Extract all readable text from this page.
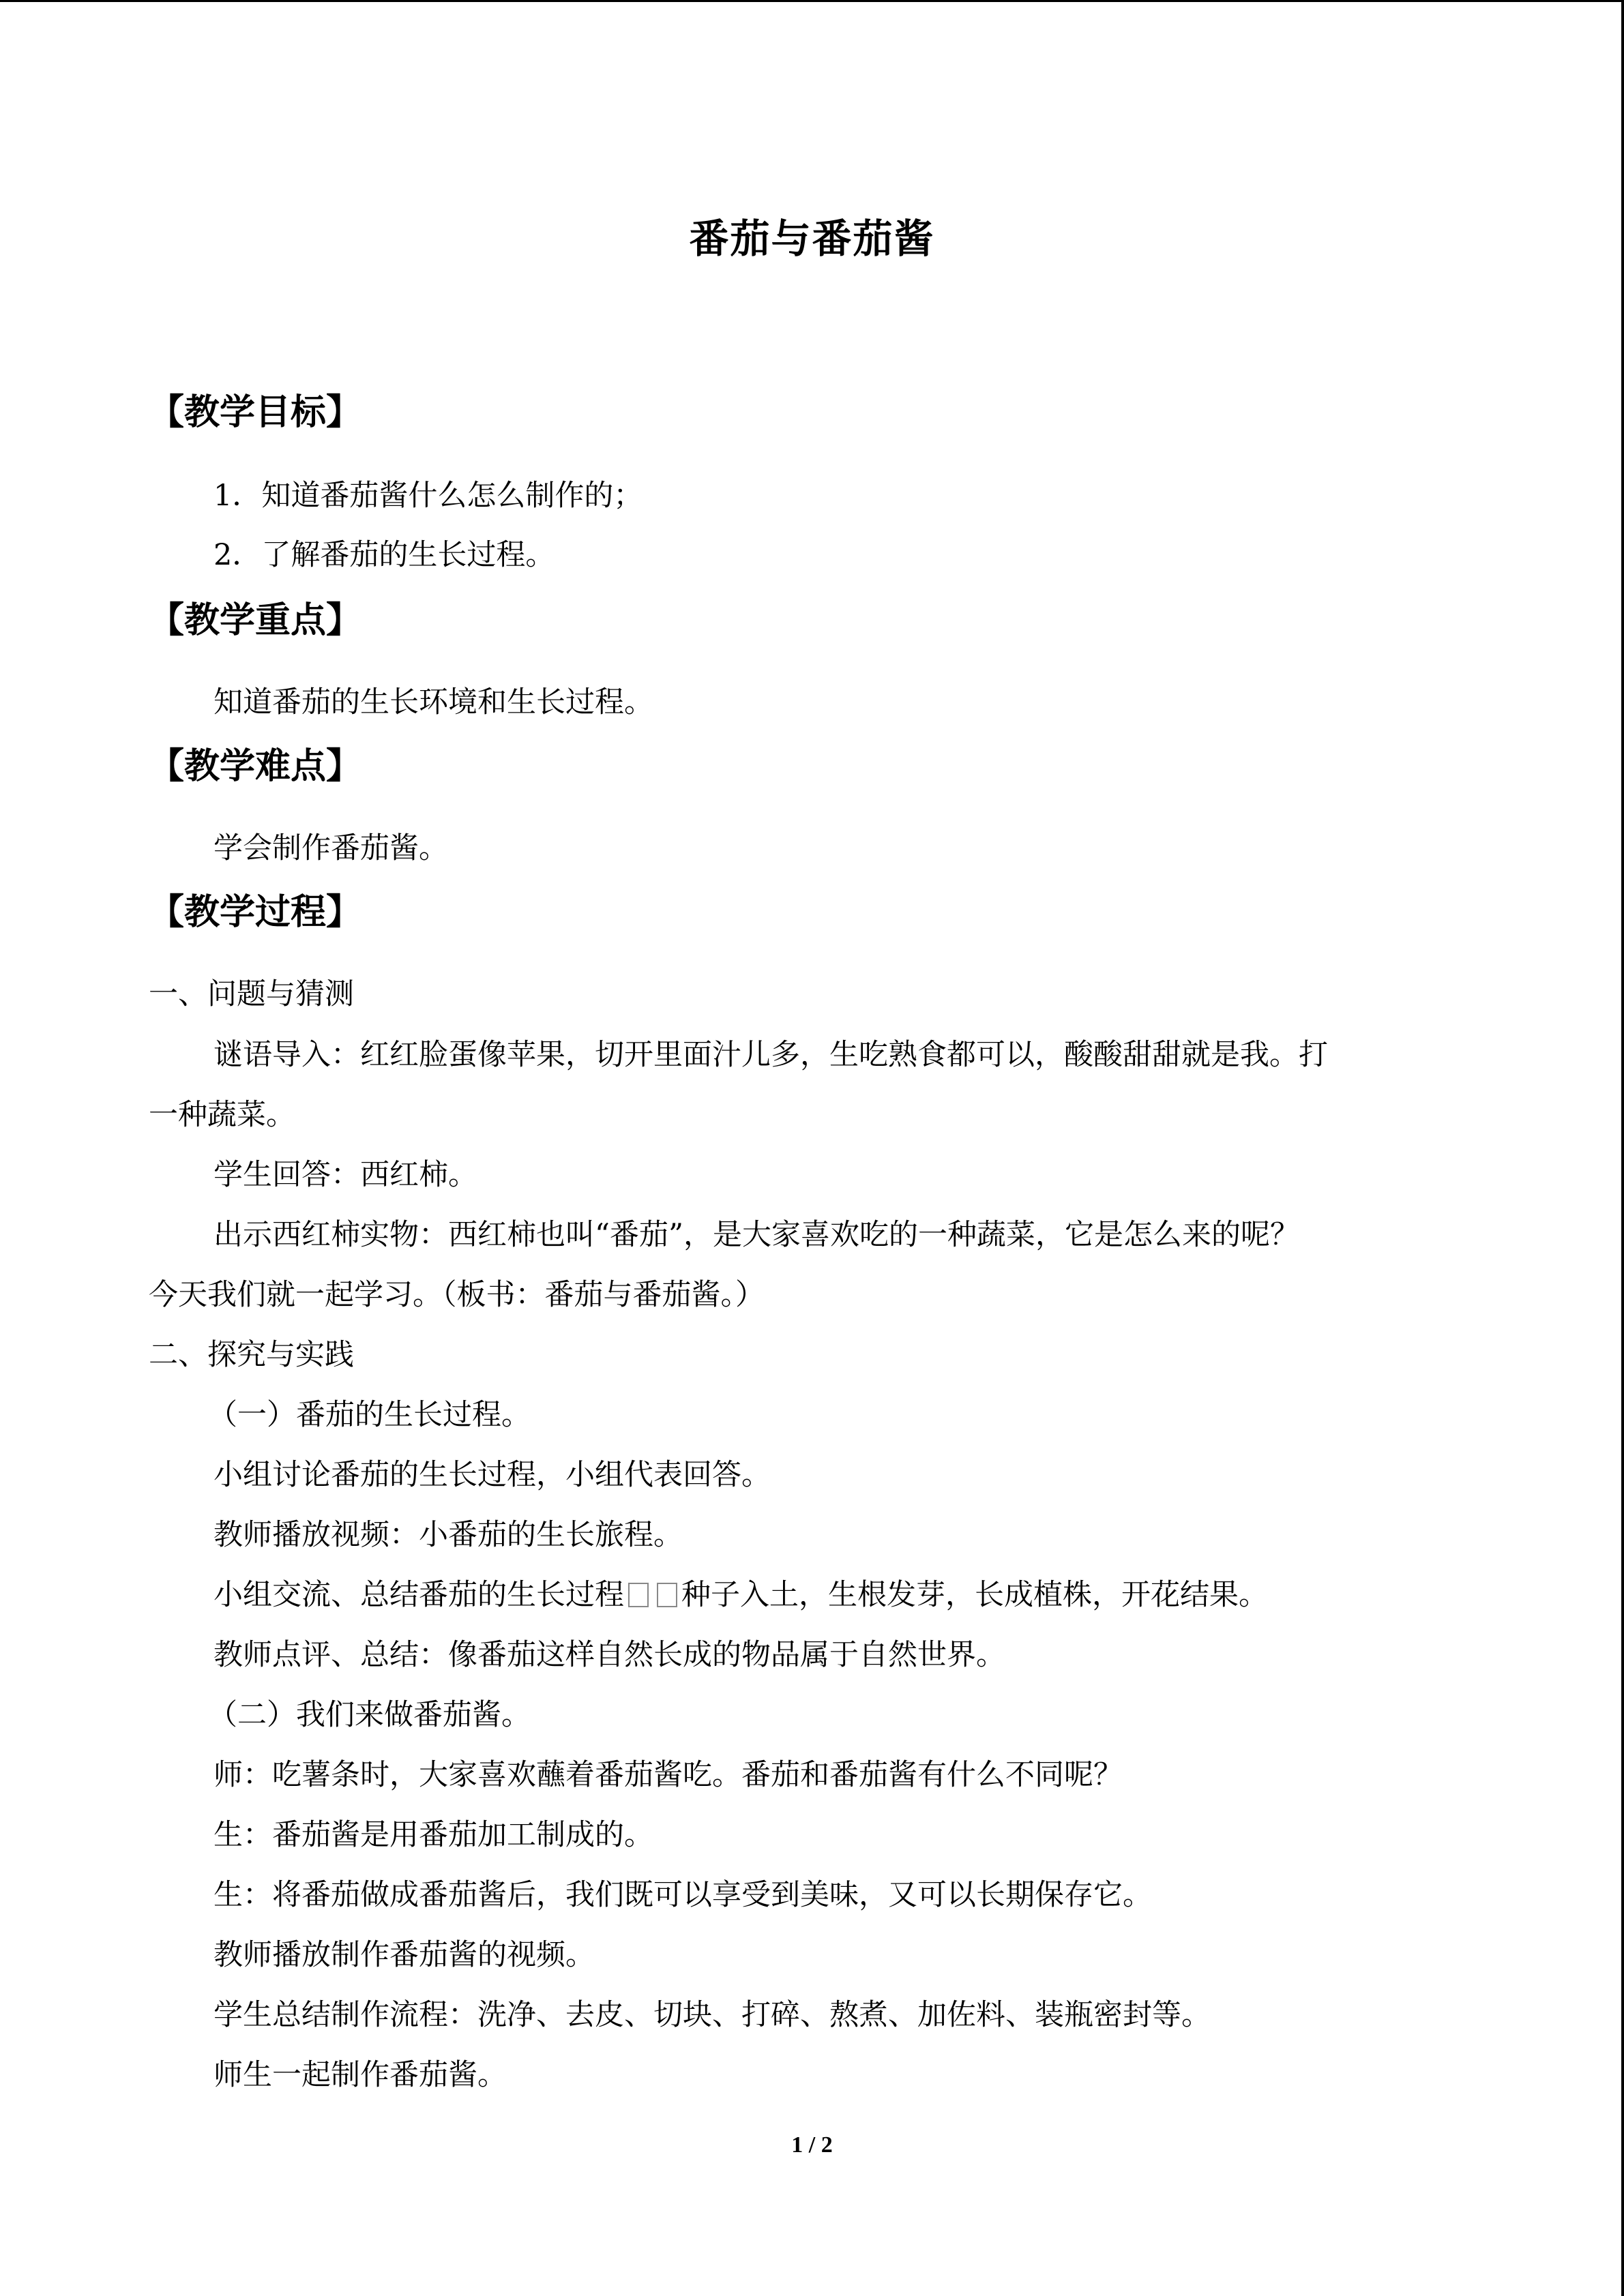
番茄与番茄酱
【教学目标】
1．知道番茄酱什么怎么制作的；
2．了解番茄的生长过程。
【教学重点】
知道番茄的生长环境和生长过程。
【教学难点】
学会制作番茄酱。
【教学过程】
一、问题与猜测
谜语导入：红红脸蛋像苹果，切开里面汁儿多，生吃熟食都可以，酸酸甜甜就是我。打
一种蔬菜。
学生回答：西红柿。
出示西红柿实物：西红柿也叫“番茄”，是大家喜欢吃的一种蔬菜，它是怎么来的呢？
今天我们就一起学习。（板书：番茄与番茄酱。）
二、探究与实践
（一）番茄的生长过程。
小组讨论番茄的生长过程，小组代表回答。
教师播放视频：小番茄的生长旅程。
小组交流、总结番茄的生长过程 种子入土，生根发芽，长成植株，开花结果。
教师点评、总结：像番茄这样自然长成的物品属于自然世界。
（二）我们来做番茄酱。
师：吃薯条时，大家喜欢蘸着番茄酱吃。番茄和番茄酱有什么不同呢？
生：番茄酱是用番茄加工制成的。
生：将番茄做成番茄酱后，我们既可以享受到美味，又可以长期保存它。
教师播放制作番茄酱的视频。
学生总结制作流程：洗净、去皮、切块、打碎、熬煮、加佐料、装瓶密封等。
师生一起制作番茄酱。
1 / 2
